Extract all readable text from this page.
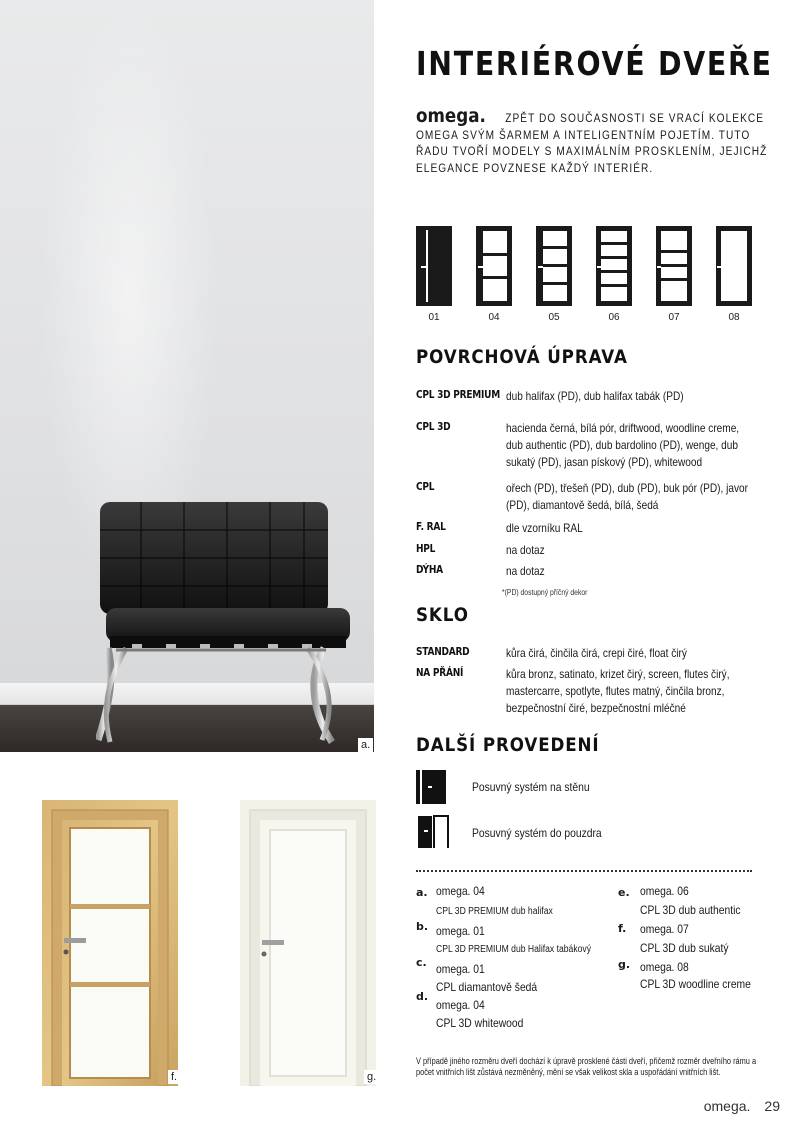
a.
f.	g.
INTERIÉROVÉ DVEŘE
omega. ZPĚT DO SOUČASNOSTI SE VRACÍ KOLEKCE OMEGA SVÝM ŠARMEM A INTELIGENTNÍM POJETÍM. TUTO ŘADU TVOŘÍ MODELY S MAXIMÁLNÍM PROSKLENÍM, JEJICHŽ ELEGANCE POVZNESE KAŽDÝ INTERIÉR.
01	04	05	06	07	08
POVRCHOVÁ ÚPRAVA
CPL 3D PREMIUM dub halifax (PD), dub halifax tabák (PD)
CPL 3D	hacienda černá, bílá pór, driftwood, woodline creme, dub authentic (PD), dub bardolino (PD), wenge, dub sukatý (PD), jasan pískový (PD), whitewood
CPL	ořech (PD), třešeň (PD), dub (PD), buk pór (PD), javor (PD), diamantově šedá, bílá, šedá
F. RAL	dle vzorníku RAL
HPL	na dotaz
DÝHA	na dotaz
*(PD) dostupný příčný dekor
SKLO
STANDARD	kůra čirá, činčila čirá, crepi čiré, float čirý
NA PŘÁNÍ	kůra bronz, satinato, krizet čirý, screen, flutes čirý, mastercarre, spotlyte, flutes matný, činčila bronz, bezpečnostní čiré, bezpečnostní mléčné
DALŠÍ PROVEDENÍ
Posuvný systém na stěnu
Posuvný systém do pouzdra
a. omega. 04
CPL 3D PREMIUM dub halifax
b. omega. 01
CPL 3D PREMIUM dub Halifax tabákový
c. omega. 01
CPL diamantově šedá
d.
omega. 04
CPL 3D whitewood
e. omega. 06
CPL 3D dub authentic
f. omega. 07
CPL 3D dub sukatý
g. omega. 08
CPL 3D woodline creme

V případě jiného rozměru dveří dochází k úpravě prosklené části dveří, přičemž rozměr dveřního rámu a počet vnitřních lišt zůstává nezměněný, mění se však velikost skla a uspořádání vnitřních lišt.

omega. 29
